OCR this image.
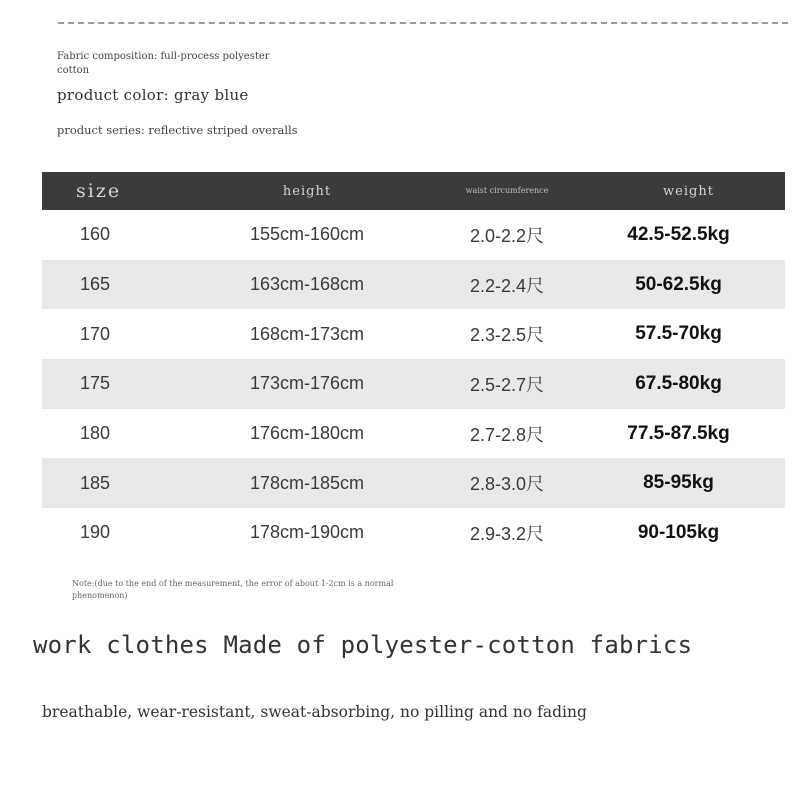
Fabric composition: full-process polyester cotton

product color: gray blue

product series: reflective striped overalls

size	height	waist circumference	weight
160	155cm-160cm	2.0-2.2尺	42.5-52.5kg
165	163cm-168cm	2.2-2.4尺	50-62.5kg
170	168cm-173cm	2.3-2.5尺	57.5-70kg
175	173cm-176cm	2.5-2.7尺	67.5-80kg
180	176cm-180cm	2.7-2.8尺	77.5-87.5kg
185	178cm-185cm	2.8-3.0尺	85-95kg
190	178cm-190cm	2.9-3.2尺	90-105kg
Note:(due to the end of the measurement, the error of about 1-2cm is a normal phenomenon)
work clothes Made of polyester-cotton fabrics

breathable, wear-resistant, sweat-absorbing, no pilling and no fading
